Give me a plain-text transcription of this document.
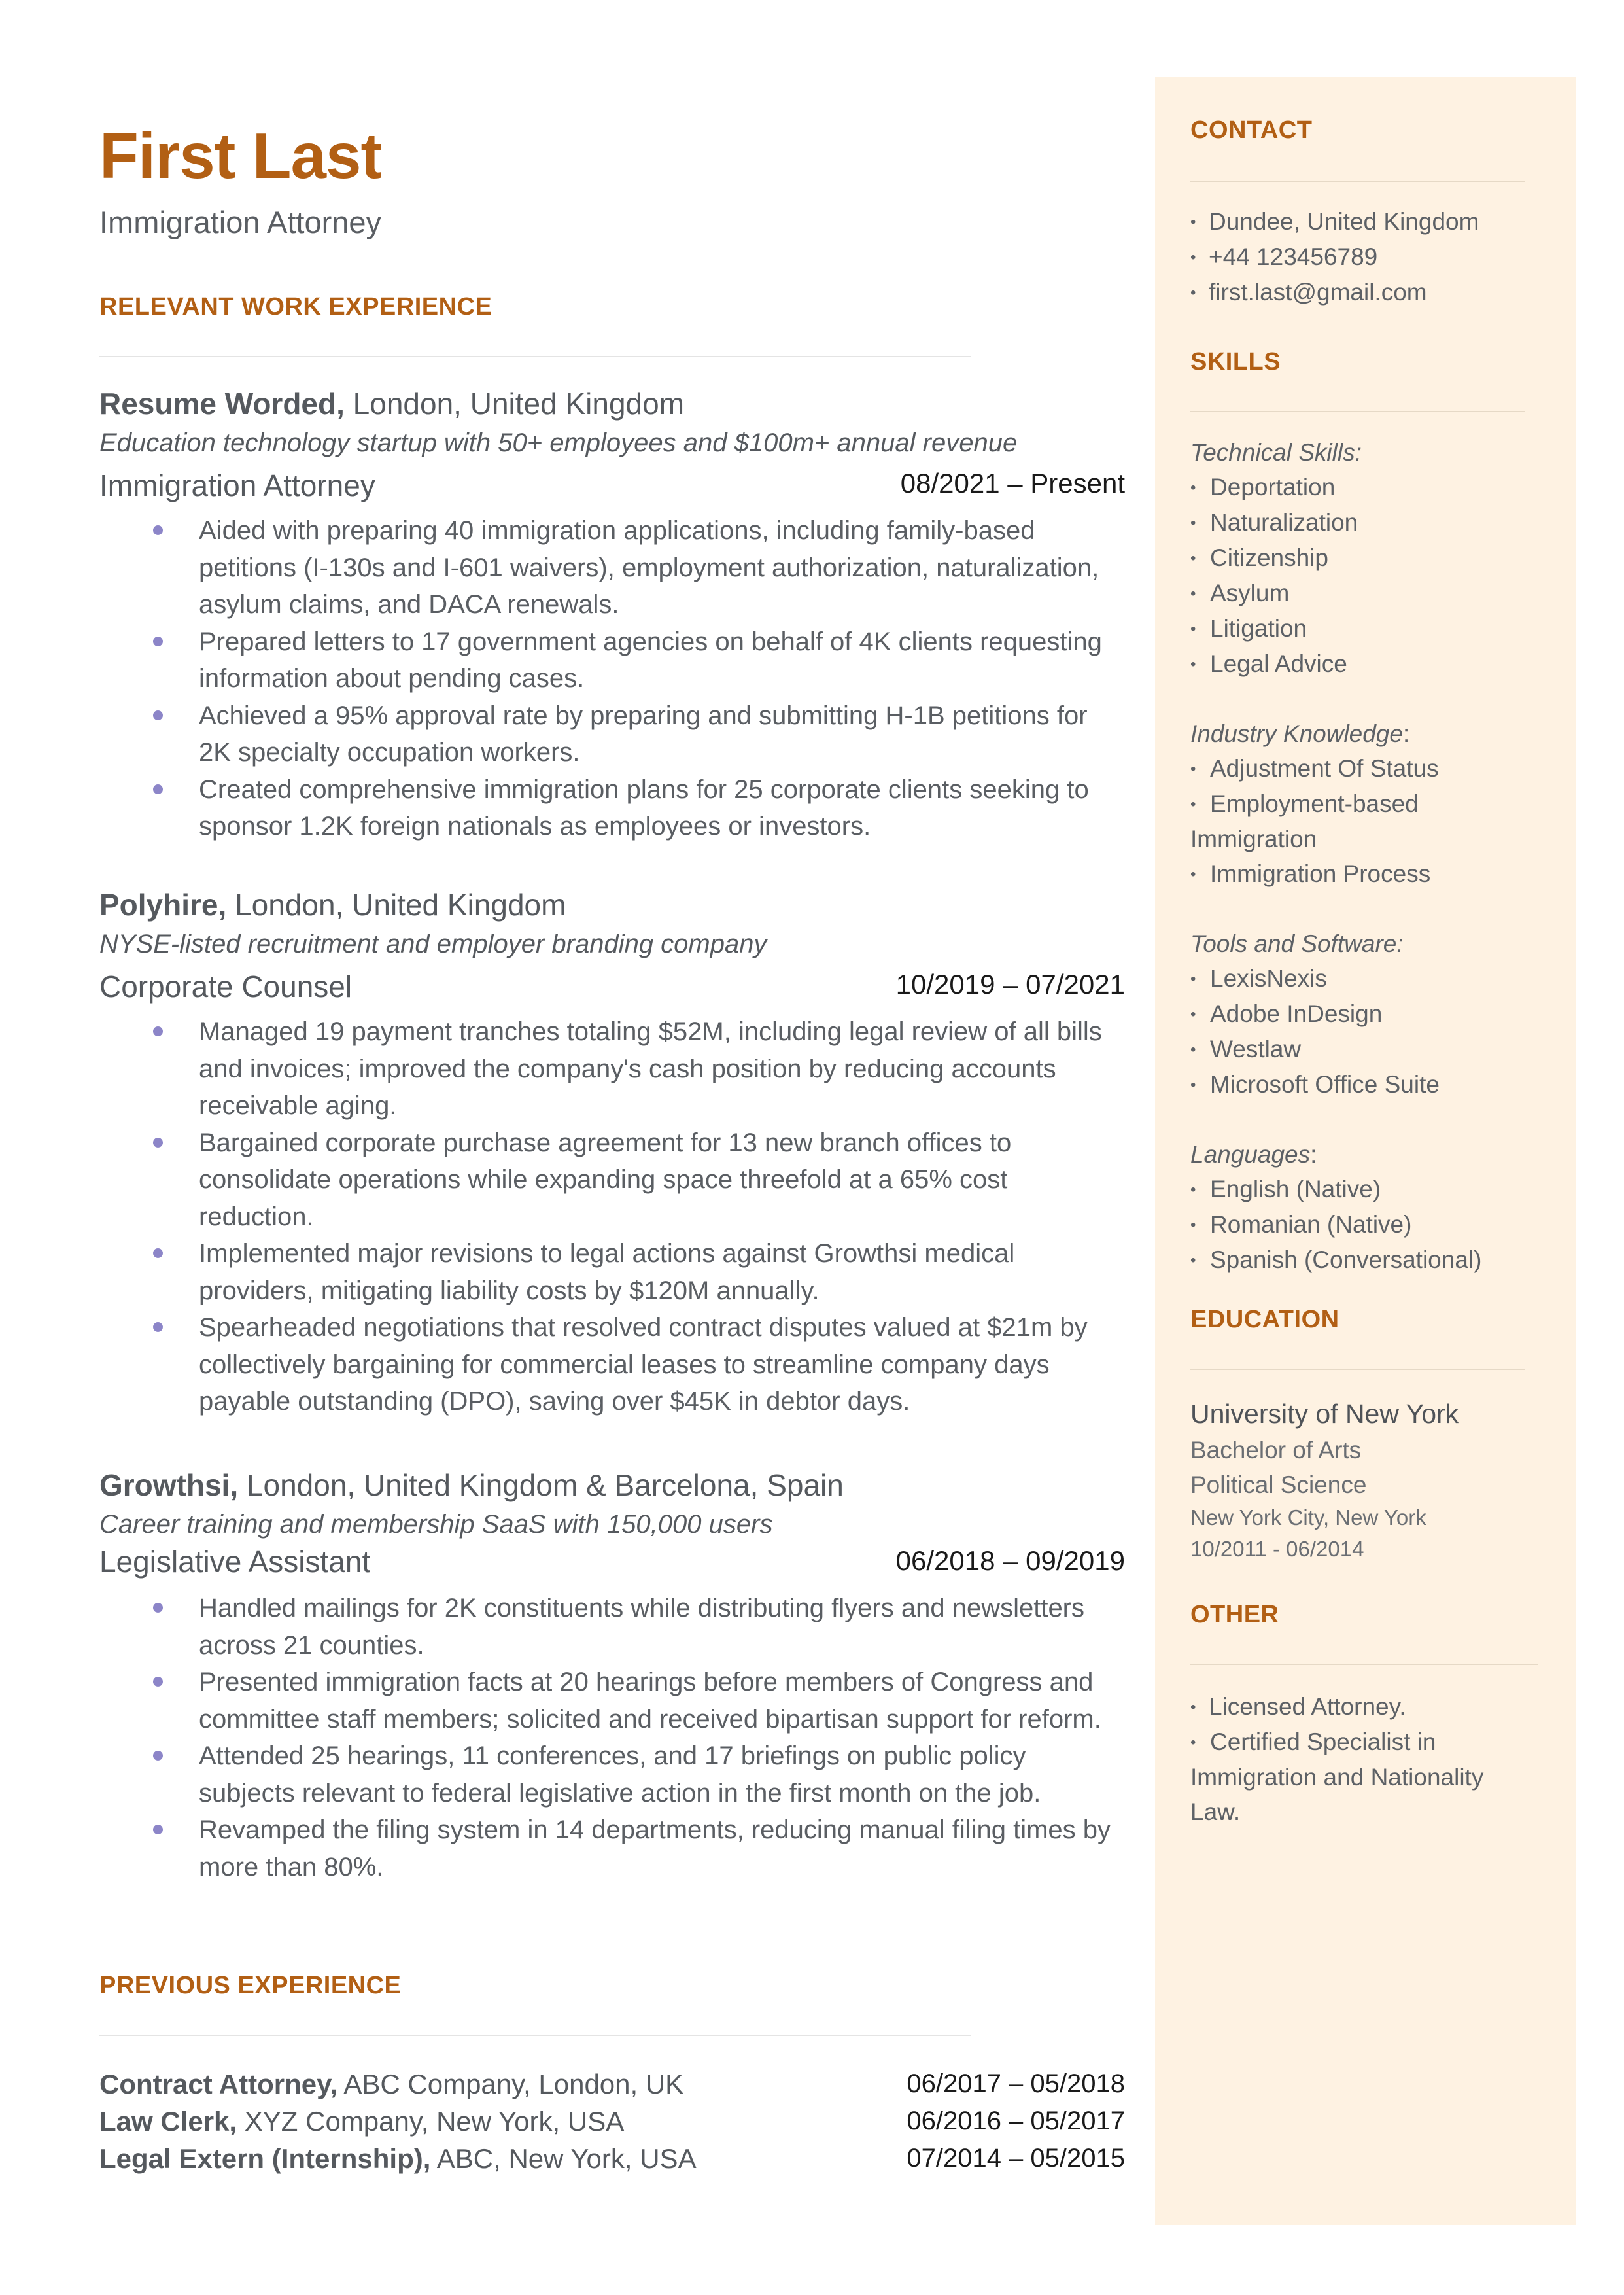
First Last
Immigration Attorney
RELEVANT WORK EXPERIENCE
Resume Worded, London, United Kingdom
Education technology startup with 50+ employees and $100m+ annual revenue
Immigration Attorney	08/2021 – Present
Aided with preparing 40 immigration applications, including family-based petitions (I-130s and I-601 waivers), employment authorization, naturalization, asylum claims, and DACA renewals.
Prepared letters to 17 government agencies on behalf of 4K clients requesting information about pending cases.
Achieved a 95% approval rate by preparing and submitting H-1B petitions for 2K specialty occupation workers.
Created comprehensive immigration plans for 25 corporate clients seeking to sponsor 1.2K foreign nationals as employees or investors.
Polyhire, London, United Kingdom
NYSE-listed recruitment and employer branding company
Corporate Counsel	10/2019 – 07/2021
Managed 19 payment tranches totaling $52M, including legal review of all bills and invoices; improved the company's cash position by reducing accounts receivable aging.
Bargained corporate purchase agreement for 13 new branch offices to consolidate operations while expanding space threefold at a 65% cost reduction.
Implemented major revisions to legal actions against Growthsi medical providers, mitigating liability costs by $120M annually.
Spearheaded negotiations that resolved contract disputes valued at $21m by collectively bargaining for commercial leases to streamline company days payable outstanding (DPO), saving over $45K in debtor days.
Growthsi, London, United Kingdom & Barcelona, Spain
Career training and membership SaaS with 150,000 users
Legislative Assistant	06/2018 – 09/2019
Handled mailings for 2K constituents while distributing flyers and newsletters across 21 counties.
Presented immigration facts at 20 hearings before members of Congress and committee staff members; solicited and received bipartisan support for reform.
Attended 25 hearings, 11 conferences, and 17 briefings on public policy subjects relevant to federal legislative action in the first month on the job.
Revamped the filing system in 14 departments, reducing manual filing times by more than 80%.
PREVIOUS EXPERIENCE
Contract Attorney, ABC Company, London, UK	06/2017 – 05/2018
Law Clerk, XYZ Company, New York, USA	06/2016 – 05/2017
Legal Extern (Internship), ABC, New York, USA	07/2014 – 05/2015
CONTACT
• Dundee, United Kingdom
• +44 123456789
• first.last@gmail.com
SKILLS
Technical Skills:
• Deportation
• Naturalization
• Citizenship
• Asylum
• Litigation
• Legal Advice
Industry Knowledge:
• Adjustment Of Status
• Employment-based
Immigration
• Immigration Process
Tools and Software:
• LexisNexis
• Adobe InDesign
• Westlaw
• Microsoft Office Suite
Languages:
• English (Native)
• Romanian (Native)
• Spanish (Conversational)
EDUCATION
University of New York
Bachelor of Arts
Political Science
New York City, New York
10/2011 - 06/2014
OTHER
• Licensed Attorney.
• Certified Specialist in
Immigration and Nationality Law.
